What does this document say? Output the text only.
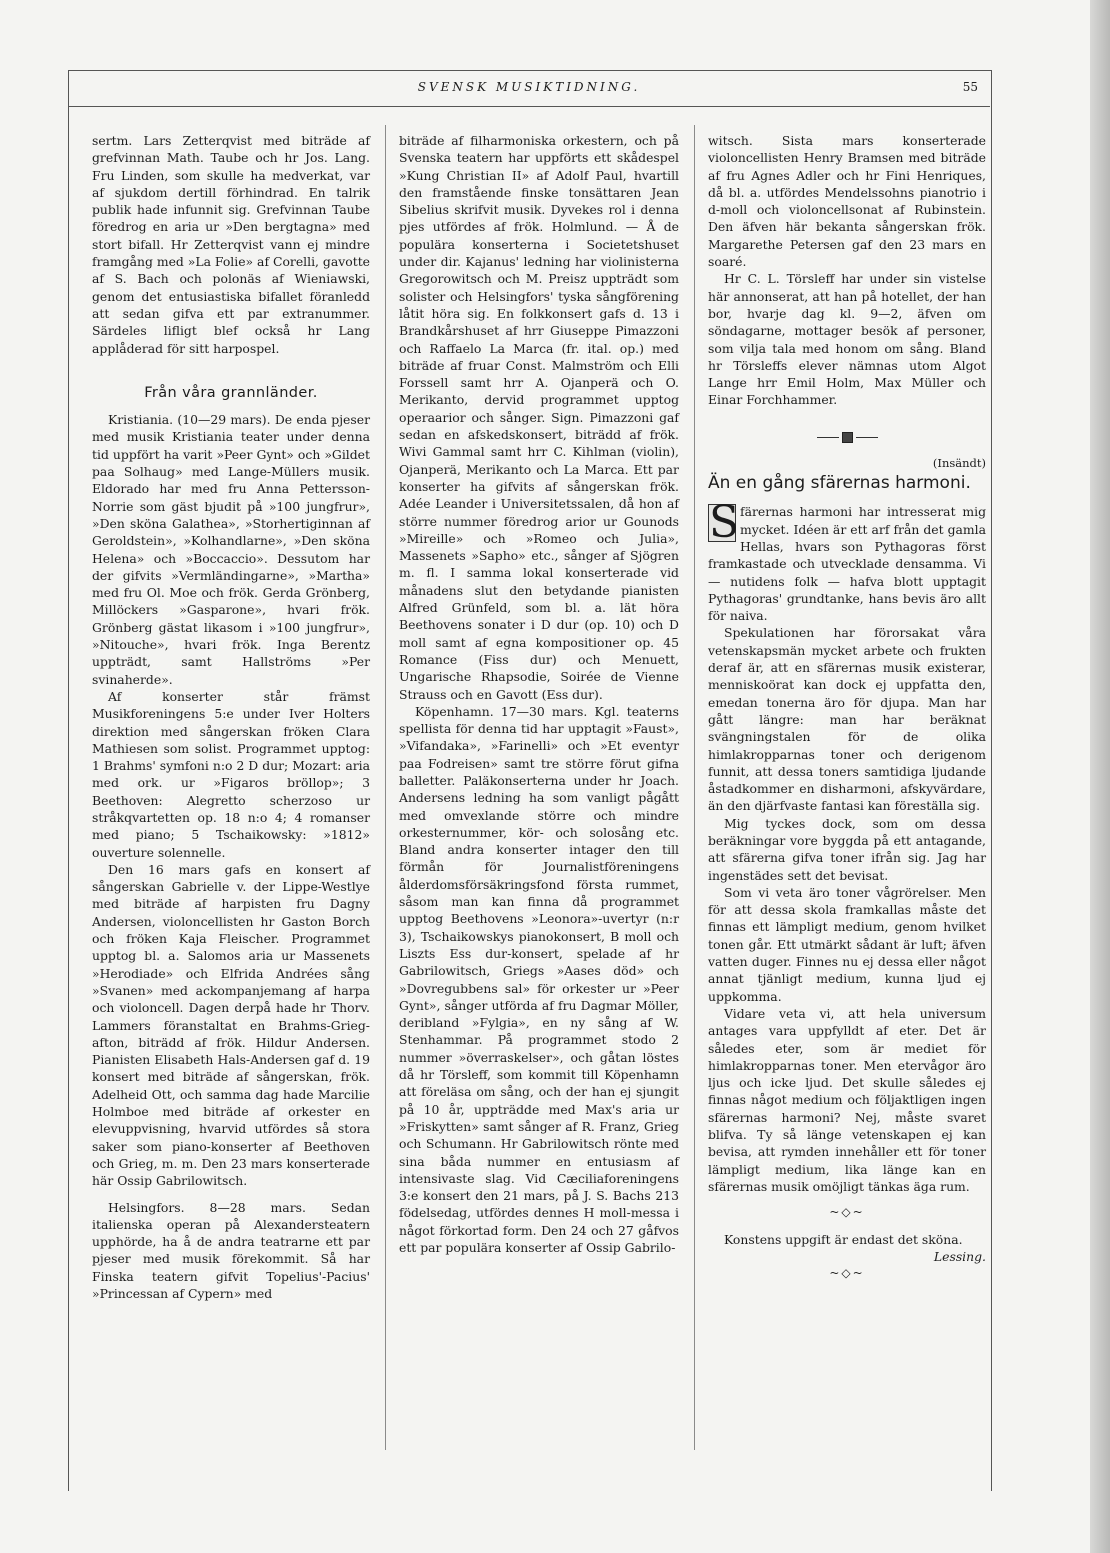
SVENSK MUSIKTIDNING.	55

sertm. Lars Zetterqvist med biträde af grefvinnan Math. Taube och hr Jos. Lang. Fru Linden, som skulle ha medverkat, var af sjukdom dertill förhindrad. En talrik publik hade infunnit sig. Grefvinnan Taube föredrog en aria ur »Den bergtagna» med stort bifall. Hr Zetterqvist vann ej mindre framgång med »La Folie» af Corelli, gavotte af S. Bach och polonäs af Wieniawski, genom det entusiastiska bifallet föranledd att sedan gifva ett par extranummer. Särdeles lifligt blef också hr Lang applåderad för sitt harpospel.

Från våra grannländer.

Kristiania. (10—29 mars). De enda pjeser med musik Kristiania teater under denna tid uppfört ha varit »Peer Gynt» och »Gildet paa Solhaug» med Lange-Müllers musik. Eldorado har med fru Anna Pettersson-Norrie som gäst bjudit på »100 jungfrur», »Den sköna Galathea», »Storhertiginnan af Geroldstein», »Kolhandlarne», »Den sköna Helena» och »Boccaccio». Dessutom har der gifvits »Vermländingarne», »Martha» med fru Ol. Moe och frök. Gerda Grönberg, Millöckers »Gasparone», hvari frök. Grönberg gästat likasom i »100 jungfrur», »Nitouche», hvari frök. Inga Berentz uppträdt, samt Hallströms »Per svinaherde».

Af konserter står främst Musikforeningens 5:e under Iver Holters direktion med sångerskan fröken Clara Mathiesen som solist. Programmet upptog: 1 Brahms' symfoni n:o 2 D dur; Mozart: aria med ork. ur »Figaros bröllop»; 3 Beethoven: Alegretto scherzoso ur stråkqvartetten op. 18 n:o 4; 4 romanser med piano; 5 Tschaikowsky: »1812» ouverture solennelle.

Den 16 mars gafs en konsert af sångerskan Gabrielle v. der Lippe-Westlye med biträde af harpisten fru Dagny Andersen, violoncellisten hr Gaston Borch och fröken Kaja Fleischer. Programmet upptog bl. a. Salomos aria ur Massenets »Herodiade» och Elfrida Andrées sång »Svanen» med ackompanjemang af harpa och violoncell. Dagen derpå hade hr Thorv. Lammers föranstaltat en Brahms-Grieg-afton, biträdd af frök. Hildur Andersen. Pianisten Elisabeth Hals-Andersen gaf d. 19 konsert med biträde af sångerskan, frök. Adelheid Ott, och samma dag hade Marcilie Holmboe med biträde af orkester en elevuppvisning, hvarvid utfördes så stora saker som piano-konserter af Beethoven och Grieg, m. m. Den 23 mars konserterade här Ossip Gabrilowitsch.

Helsingfors. 8—28 mars. Sedan italienska operan på Alexandersteatern upphörde, ha å de andra teatrarne ett par pjeser med musik förekommit. Så har Finska teatern gifvit Topelius'-Pacius' »Princessan af Cypern» med

biträde af filharmoniska orkestern, och på Svenska teatern har uppförts ett skådespel »Kung Christian II» af Adolf Paul, hvartill den framstående finske tonsättaren Jean Sibelius skrifvit musik. Dyvekes rol i denna pjes utfördes af frök. Holmlund. — Å de populära konserterna i Societetshuset under dir. Kajanus' ledning har violinisterna Gregorowitsch och M. Preisz uppträdt som solister och Helsingfors' tyska sångförening låtit höra sig. En folkkonsert gafs d. 13 i Brandkårshuset af hrr Giuseppe Pimazzoni och Raffaelo La Marca (fr. ital. op.) med biträde af fruar Const. Malmström och Elli Forssell samt hrr A. Ojanperä och O. Merikanto, dervid programmet upptog operaarior och sånger. Sign. Pimazzoni gaf sedan en afskedskonsert, biträdd af frök. Wivi Gammal samt hrr C. Kihlman (violin), Ojanperä, Merikanto och La Marca. Ett par konserter ha gifvits af sångerskan frök. Adée Leander i Universitetssalen, då hon af större nummer föredrog arior ur Gounods »Mireille» och »Romeo och Julia», Massenets »Sapho» etc., sånger af Sjögren m. fl. I samma lokal konserterade vid månadens slut den betydande pianisten Alfred Grünfeld, som bl. a. lät höra Beethovens sonater i D dur (op. 10) och D moll samt af egna kompositioner op. 45 Romance (Fiss dur) och Menuett, Ungarische Rhapsodie, Soirée de Vienne Strauss och en Gavott (Ess dur).

Köpenhamn. 17—30 mars. Kgl. teaterns spellista för denna tid har upptagit »Faust», »Vifandaka», »Farinelli» och »Et eventyr paa Fodreisen» samt tre större förut gifna balletter. Paläkonserterna under hr Joach. Andersens ledning ha som vanligt pågått med omvexlande större och mindre orkesternummer, kör- och solosång etc. Bland andra konserter intager den till förmån för Journalistföreningens ålderdomsförsäkringsfond första rummet, såsom man kan finna då programmet upptog Beethovens »Leonora»-uvertyr (n:r 3), Tschaikowskys pianokonsert, B moll och Liszts Ess dur-konsert, spelade af hr Gabrilowitsch, Griegs »Aases död» och »Dovregubbens sal» för orkester ur »Peer Gynt», sånger utförda af fru Dagmar Möller, deribland »Fylgia», en ny sång af W. Stenhammar. På programmet stodo 2 nummer »överraskelser», och gåtan löstes då hr Törsleff, som kommit till Köpenhamn att föreläsa om sång, och der han ej sjungit på 10 år, uppträdde med Max's aria ur »Friskytten» samt sånger af R. Franz, Grieg och Schumann. Hr Gabrilowitsch rönte med sina båda nummer en entusiasm af intensivaste slag. Vid Cæciliaforeningens 3:e konsert den 21 mars, på J. S. Bachs 213 födelsedag, utfördes dennes H moll-messa i något förkortad form. Den 24 och 27 gåfvos ett par populära konserter af Ossip Gabrilo-

witsch. Sista mars konserterade violoncellisten Henry Bramsen med biträde af fru Agnes Adler och hr Fini Henriques, då bl. a. utfördes Mendelssohns pianotrio i d-moll och violoncellsonat af Rubinstein. Den äfven här bekanta sångerskan frök. Margarethe Petersen gaf den 23 mars en soaré.

Hr C. L. Törsleff har under sin vistelse här annonserat, att han på hotellet, der han bor, hvarje dag kl. 9—2, äfven om söndagarne, mottager besök af personer, som vilja tala med honom om sång. Bland hr Törsleffs elever nämnas utom Algot Lange hrr Emil Holm, Max Müller och Einar Forchhammer.

(Insändt)

Än en gång sfärernas harmoni.

S färernas harmoni har intresserat mig mycket. Idéen är ett arf från det gamla Hellas, hvars son Pythagoras först framkastade och utvecklade densamma. Vi — nutidens folk — hafva blott upptagit Pythagoras' grundtanke, hans bevis äro allt för naiva.

Spekulationen har förorsakat våra vetenskapsmän mycket arbete och frukten deraf är, att en sfärernas musik existerar, menniskoörat kan dock ej uppfatta den, emedan tonerna äro för djupa. Man har gått längre: man har beräknat svängningstalen för de olika himlakropparnas toner och derigenom funnit, att dessa toners samtidiga ljudande åstadkommer en disharmoni, afskyvärdare, än den djärfvaste fantasi kan föreställa sig.

Mig tyckes dock, som om dessa beräkningar vore byggda på ett antagande, att sfärerna gifva toner ifrån sig. Jag har ingenstädes sett det bevisat.

Som vi veta äro toner vågrörelser. Men för att dessa skola framkallas måste det finnas ett lämpligt medium, genom hvilket tonen går. Ett utmärkt sådant är luft; äfven vatten duger. Finnes nu ej dessa eller något annat tjänligt medium, kunna ljud ej uppkomma.

Vidare veta vi, att hela universum antages vara uppfylldt af eter. Det är således eter, som är mediet för himlakropparnas toner. Men etervågor äro ljus och icke ljud. Det skulle således ej finnas något medium och följaktligen ingen sfärernas harmoni? Nej, måste svaret blifva. Ty så länge vetenskapen ej kan bevisa, att rymden innehåller ett för toner lämpligt medium, lika länge kan en sfärernas musik omöjligt tänkas äga rum.

~◇~

Konstens uppgift är endast det sköna.

Lessing.

~◇~
